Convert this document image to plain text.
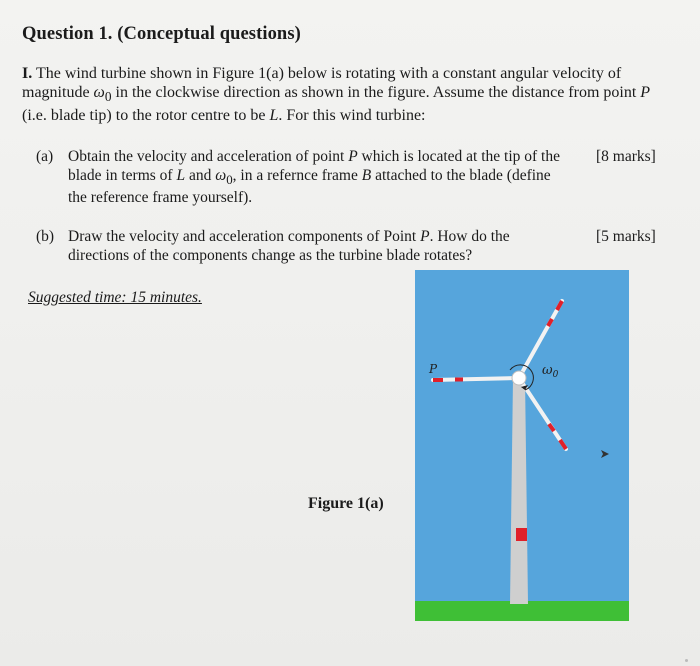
Question 1. (Conceptual questions)
I. The wind turbine shown in Figure 1(a) below is rotating with a constant angular velocity of magnitude $\omega_0$ in the clockwise direction as shown in the figure. Assume the distance from point P (i.e. blade tip) to the rotor centre to be L. For this wind turbine:
(a) Obtain the velocity and acceleration of point P which is located at the tip of the blade in terms of L and $\omega_0$, in a refernce frame B attached to the blade (define the reference frame yourself).
[8 marks]
(b) Draw the velocity and acceleration components of Point P. How do the directions of the components change as the turbine blade rotates?
[5 marks]
Suggested time: 15 minutes.
Figure 1(a)
P	$\omega_0$
